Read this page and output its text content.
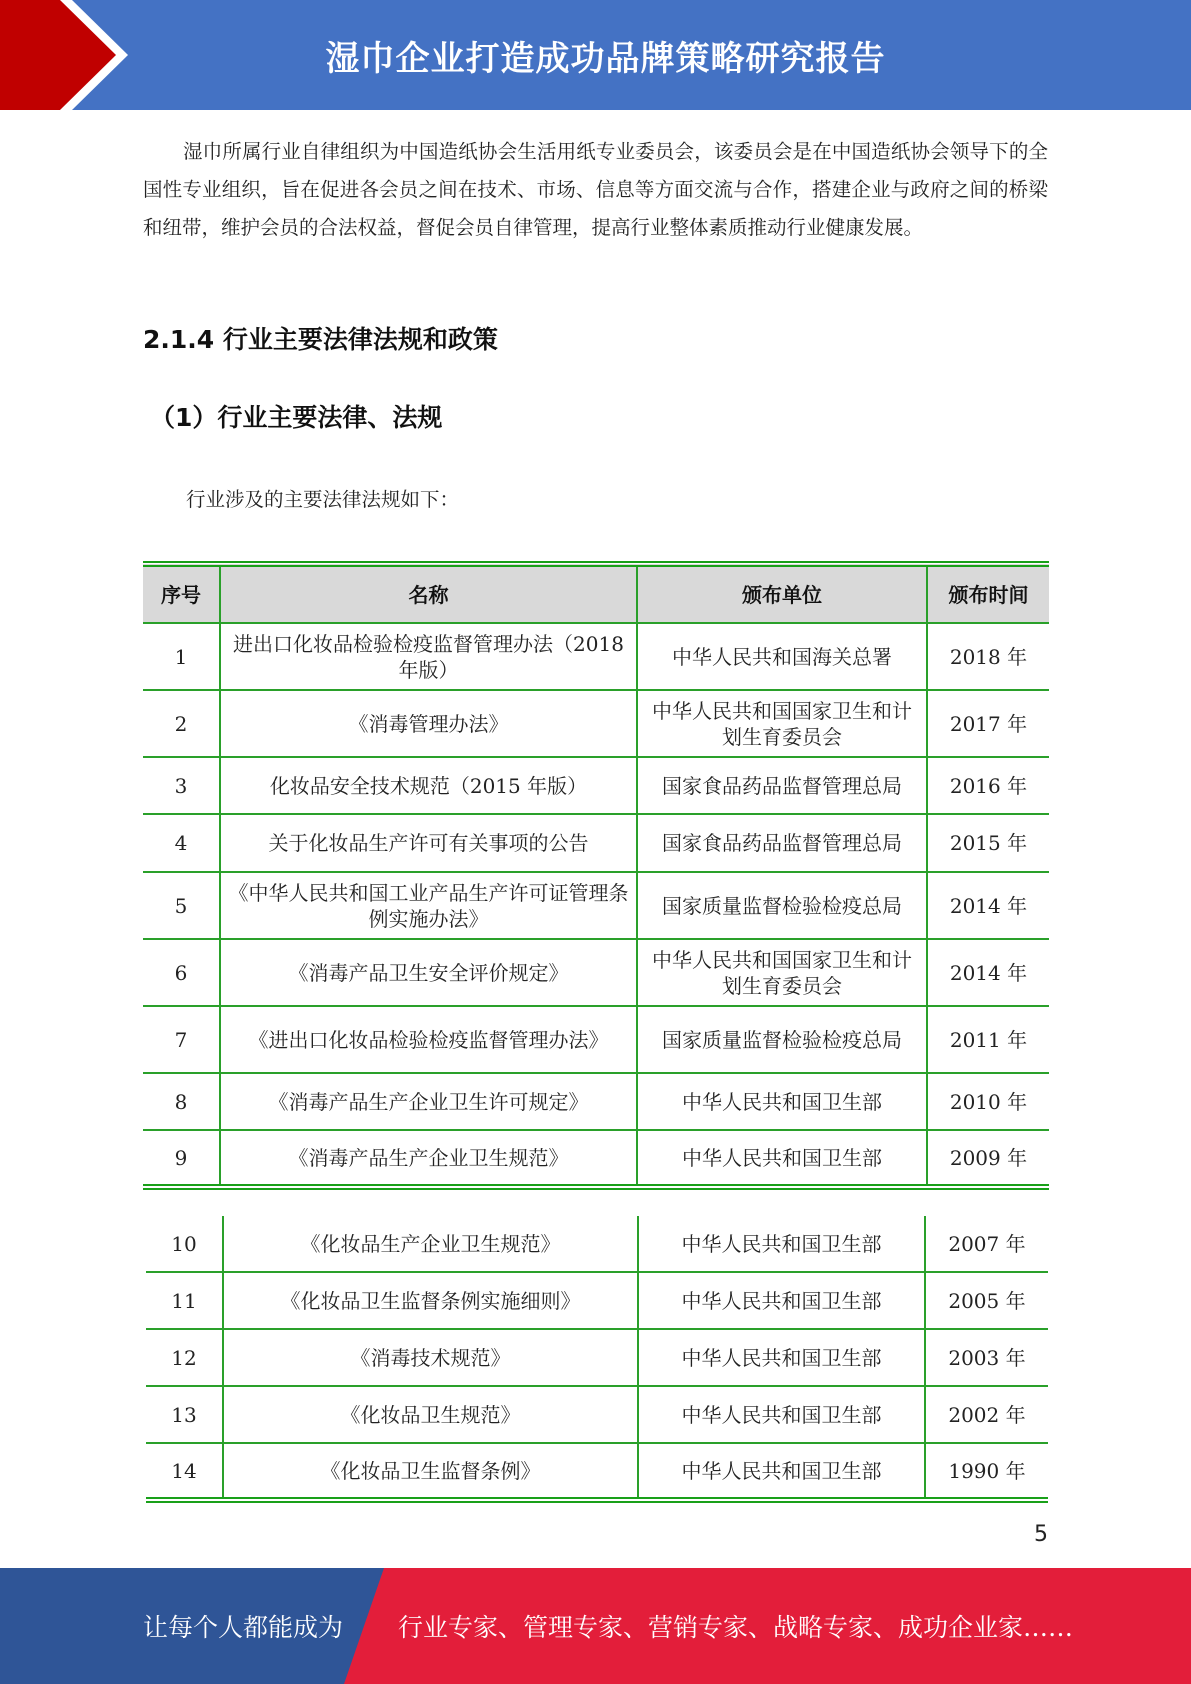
湿巾企业打造成功品牌策略研究报告

湿巾所属行业自律组织为中国造纸协会生活用纸专业委员会，该委员会是在中国造纸协会领导下的全国性专业组织，旨在促进各会员之间在技术、市场、信息等方面交流与合作，搭建企业与政府之间的桥梁和纽带，维护会员的合法权益，督促会员自律管理，提高行业整体素质推动行业健康发展。

2.1.4 行业主要法律法规和政策
（1）行业主要法律、法规

行业涉及的主要法律法规如下：

序号	名称	颁布单位	颁布时间
1	进出口化妆品检验检疫监督管理办法（2018 年版）	中华人民共和国海关总署	2018 年
2	《消毒管理办法》	中华人民共和国国家卫生和计划生育委员会	2017 年
3	化妆品安全技术规范（2015 年版）	国家食品药品监督管理总局	2016 年
4	关于化妆品生产许可有关事项的公告	国家食品药品监督管理总局	2015 年
5	《中华人民共和国工业产品生产许可证管理条例实施办法》	国家质量监督检验检疫总局	2014 年
6	《消毒产品卫生安全评价规定》	中华人民共和国国家卫生和计划生育委员会	2014 年
7	《进出口化妆品检验检疫监督管理办法》	国家质量监督检验检疫总局	2011 年
8	《消毒产品生产企业卫生许可规定》	中华人民共和国卫生部	2010 年
9	《消毒产品生产企业卫生规范》	中华人民共和国卫生部	2009 年
10	《化妆品生产企业卫生规范》	中华人民共和国卫生部	2007 年
11	《化妆品卫生监督条例实施细则》	中华人民共和国卫生部	2005 年
12	《消毒技术规范》	中华人民共和国卫生部	2003 年
13	《化妆品卫生规范》	中华人民共和国卫生部	2002 年
14	《化妆品卫生监督条例》	中华人民共和国卫生部	1990 年
5
让每个人都能成为 行业专家、管理专家、营销专家、战略专家、成功企业家……
